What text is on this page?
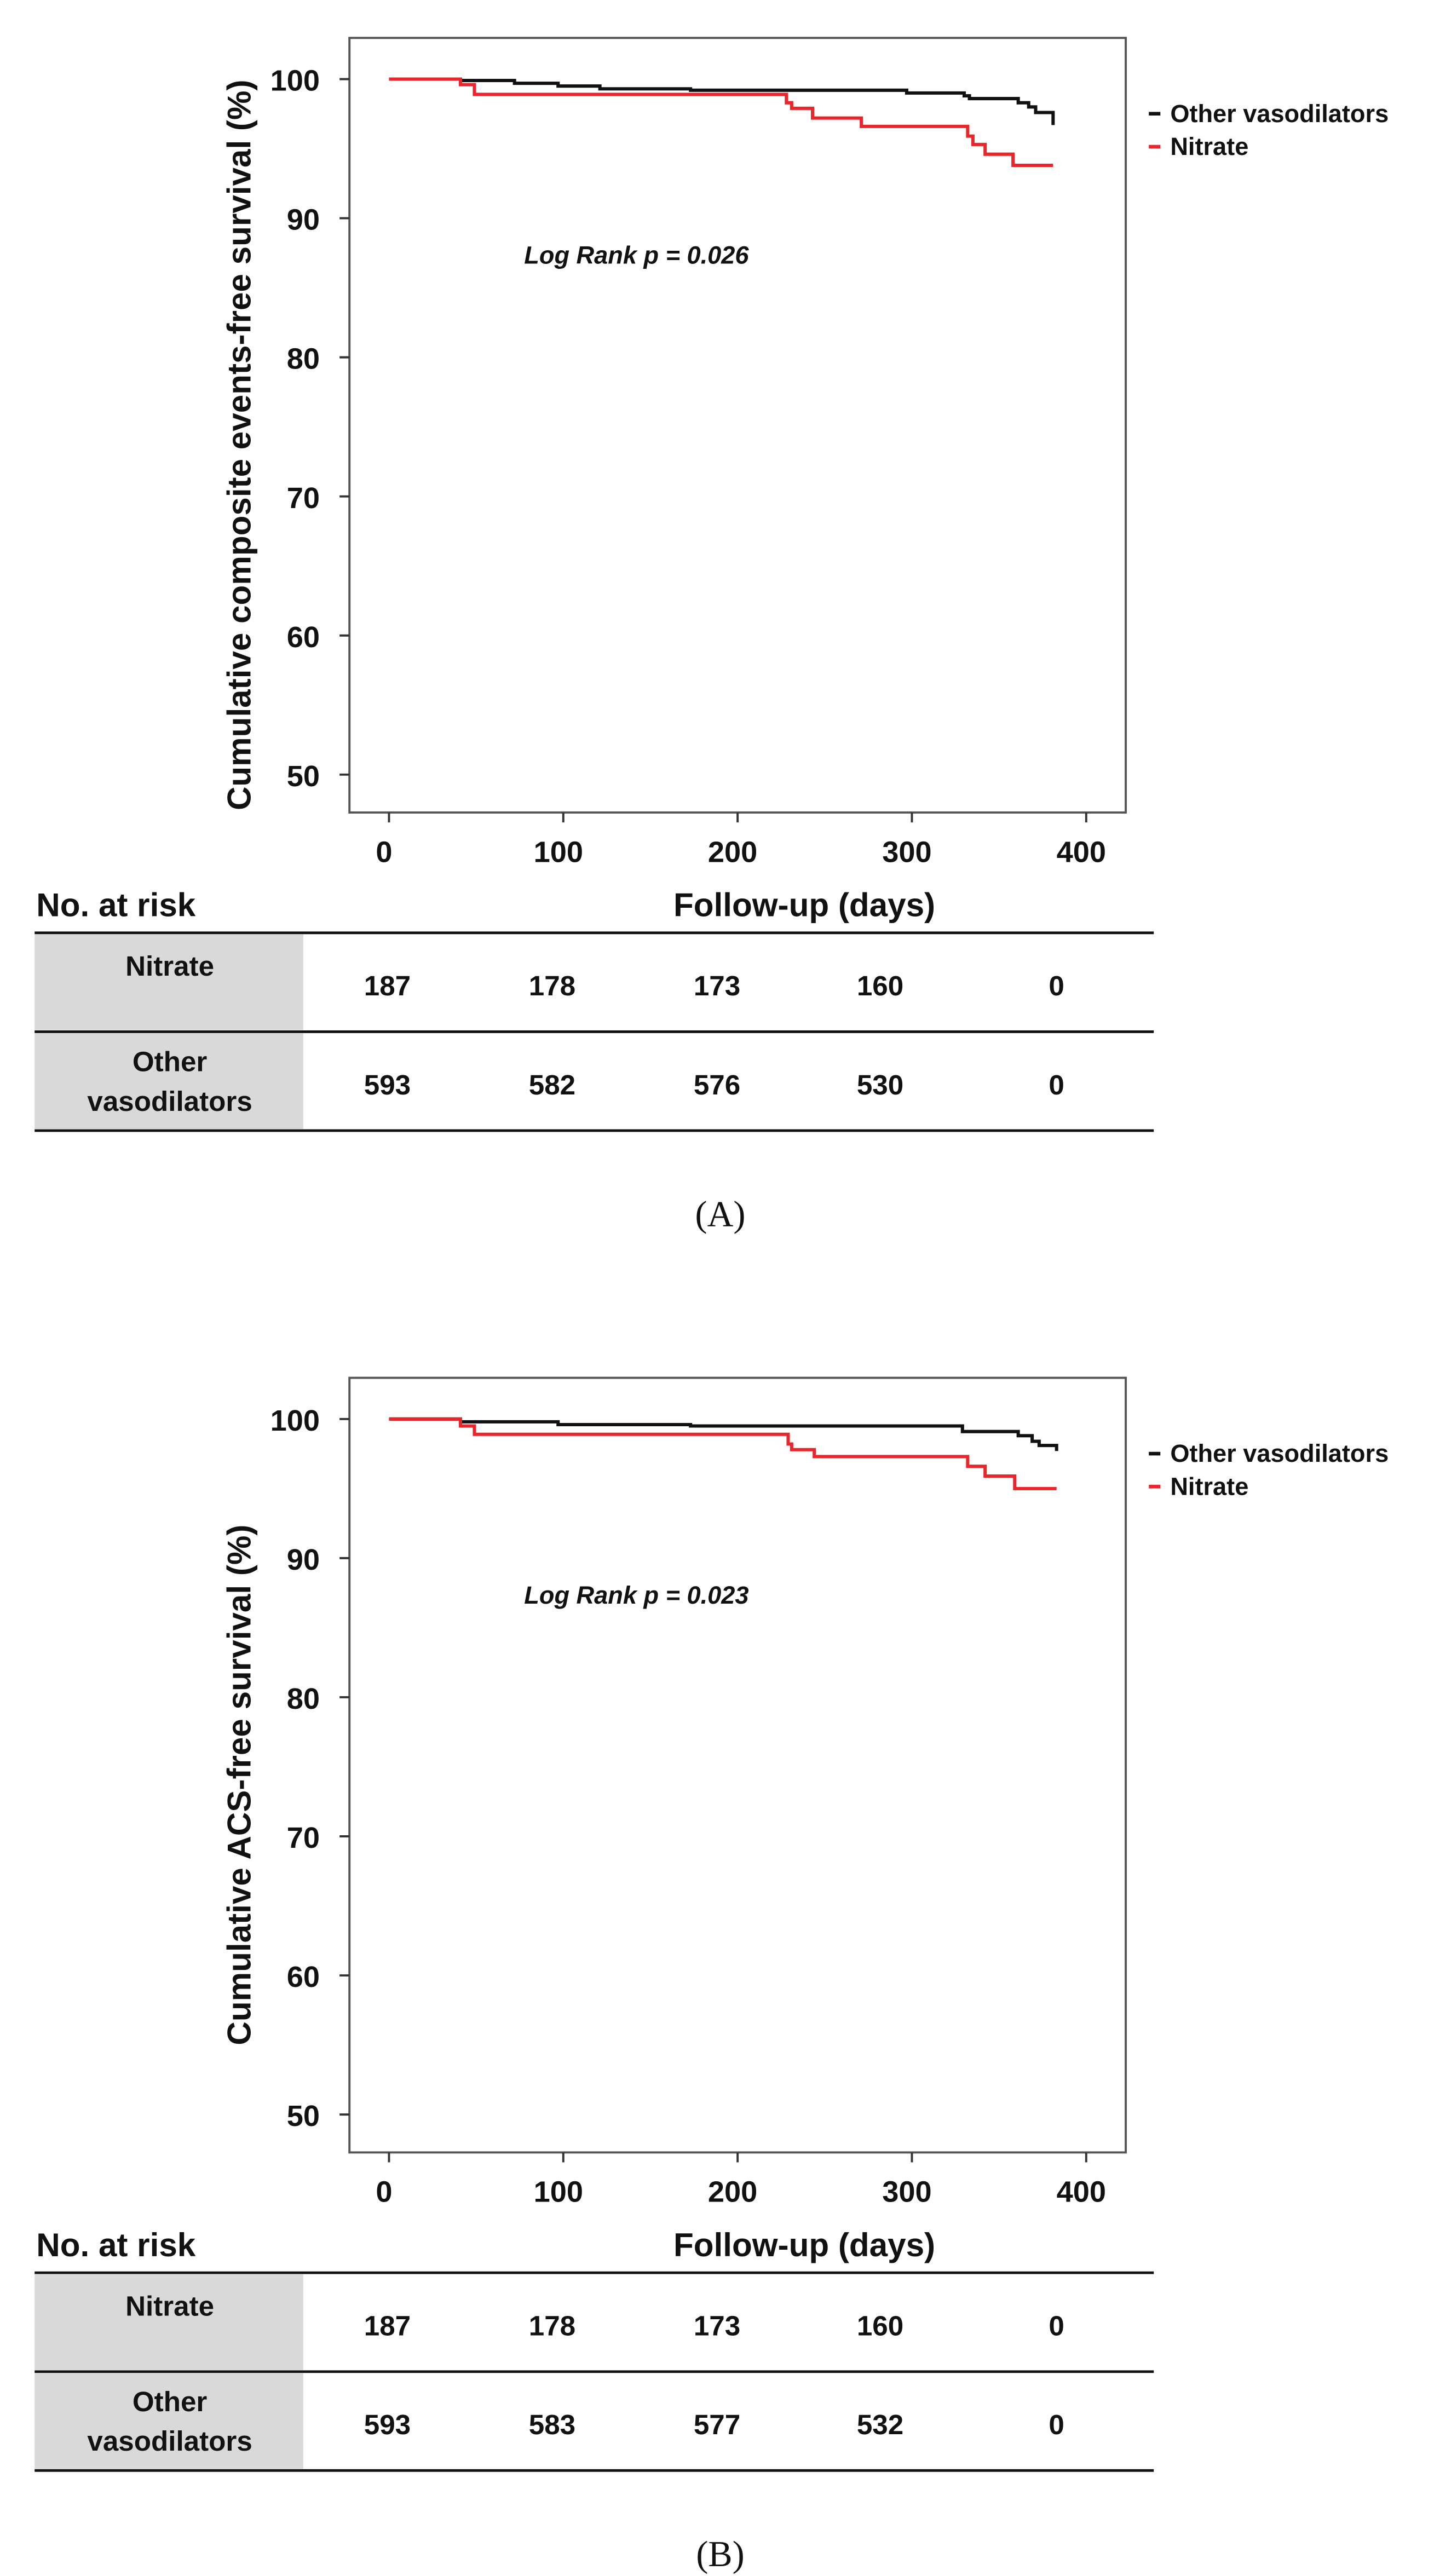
50
60
70
80
90
100
0	100	200	300	400
Cumulative composite events-free survival (%)
Follow-up (days)
Log Rank p = 0.026
Other vasodilators
Nitrate
No. at risk
Nitrate
187	178	173	160	0
Other
vasodilators
593	582	576	530	0
(A)
50
60
70
80
90
100
0	100	200	300	400
Cumulative ACS-free survival (%)
Follow-up (days)
Log Rank p = 0.023
Other vasodilators
Nitrate
No. at risk
Nitrate
187	178	173	160	0
Other
vasodilators
593	583	577	532	0
(B)
